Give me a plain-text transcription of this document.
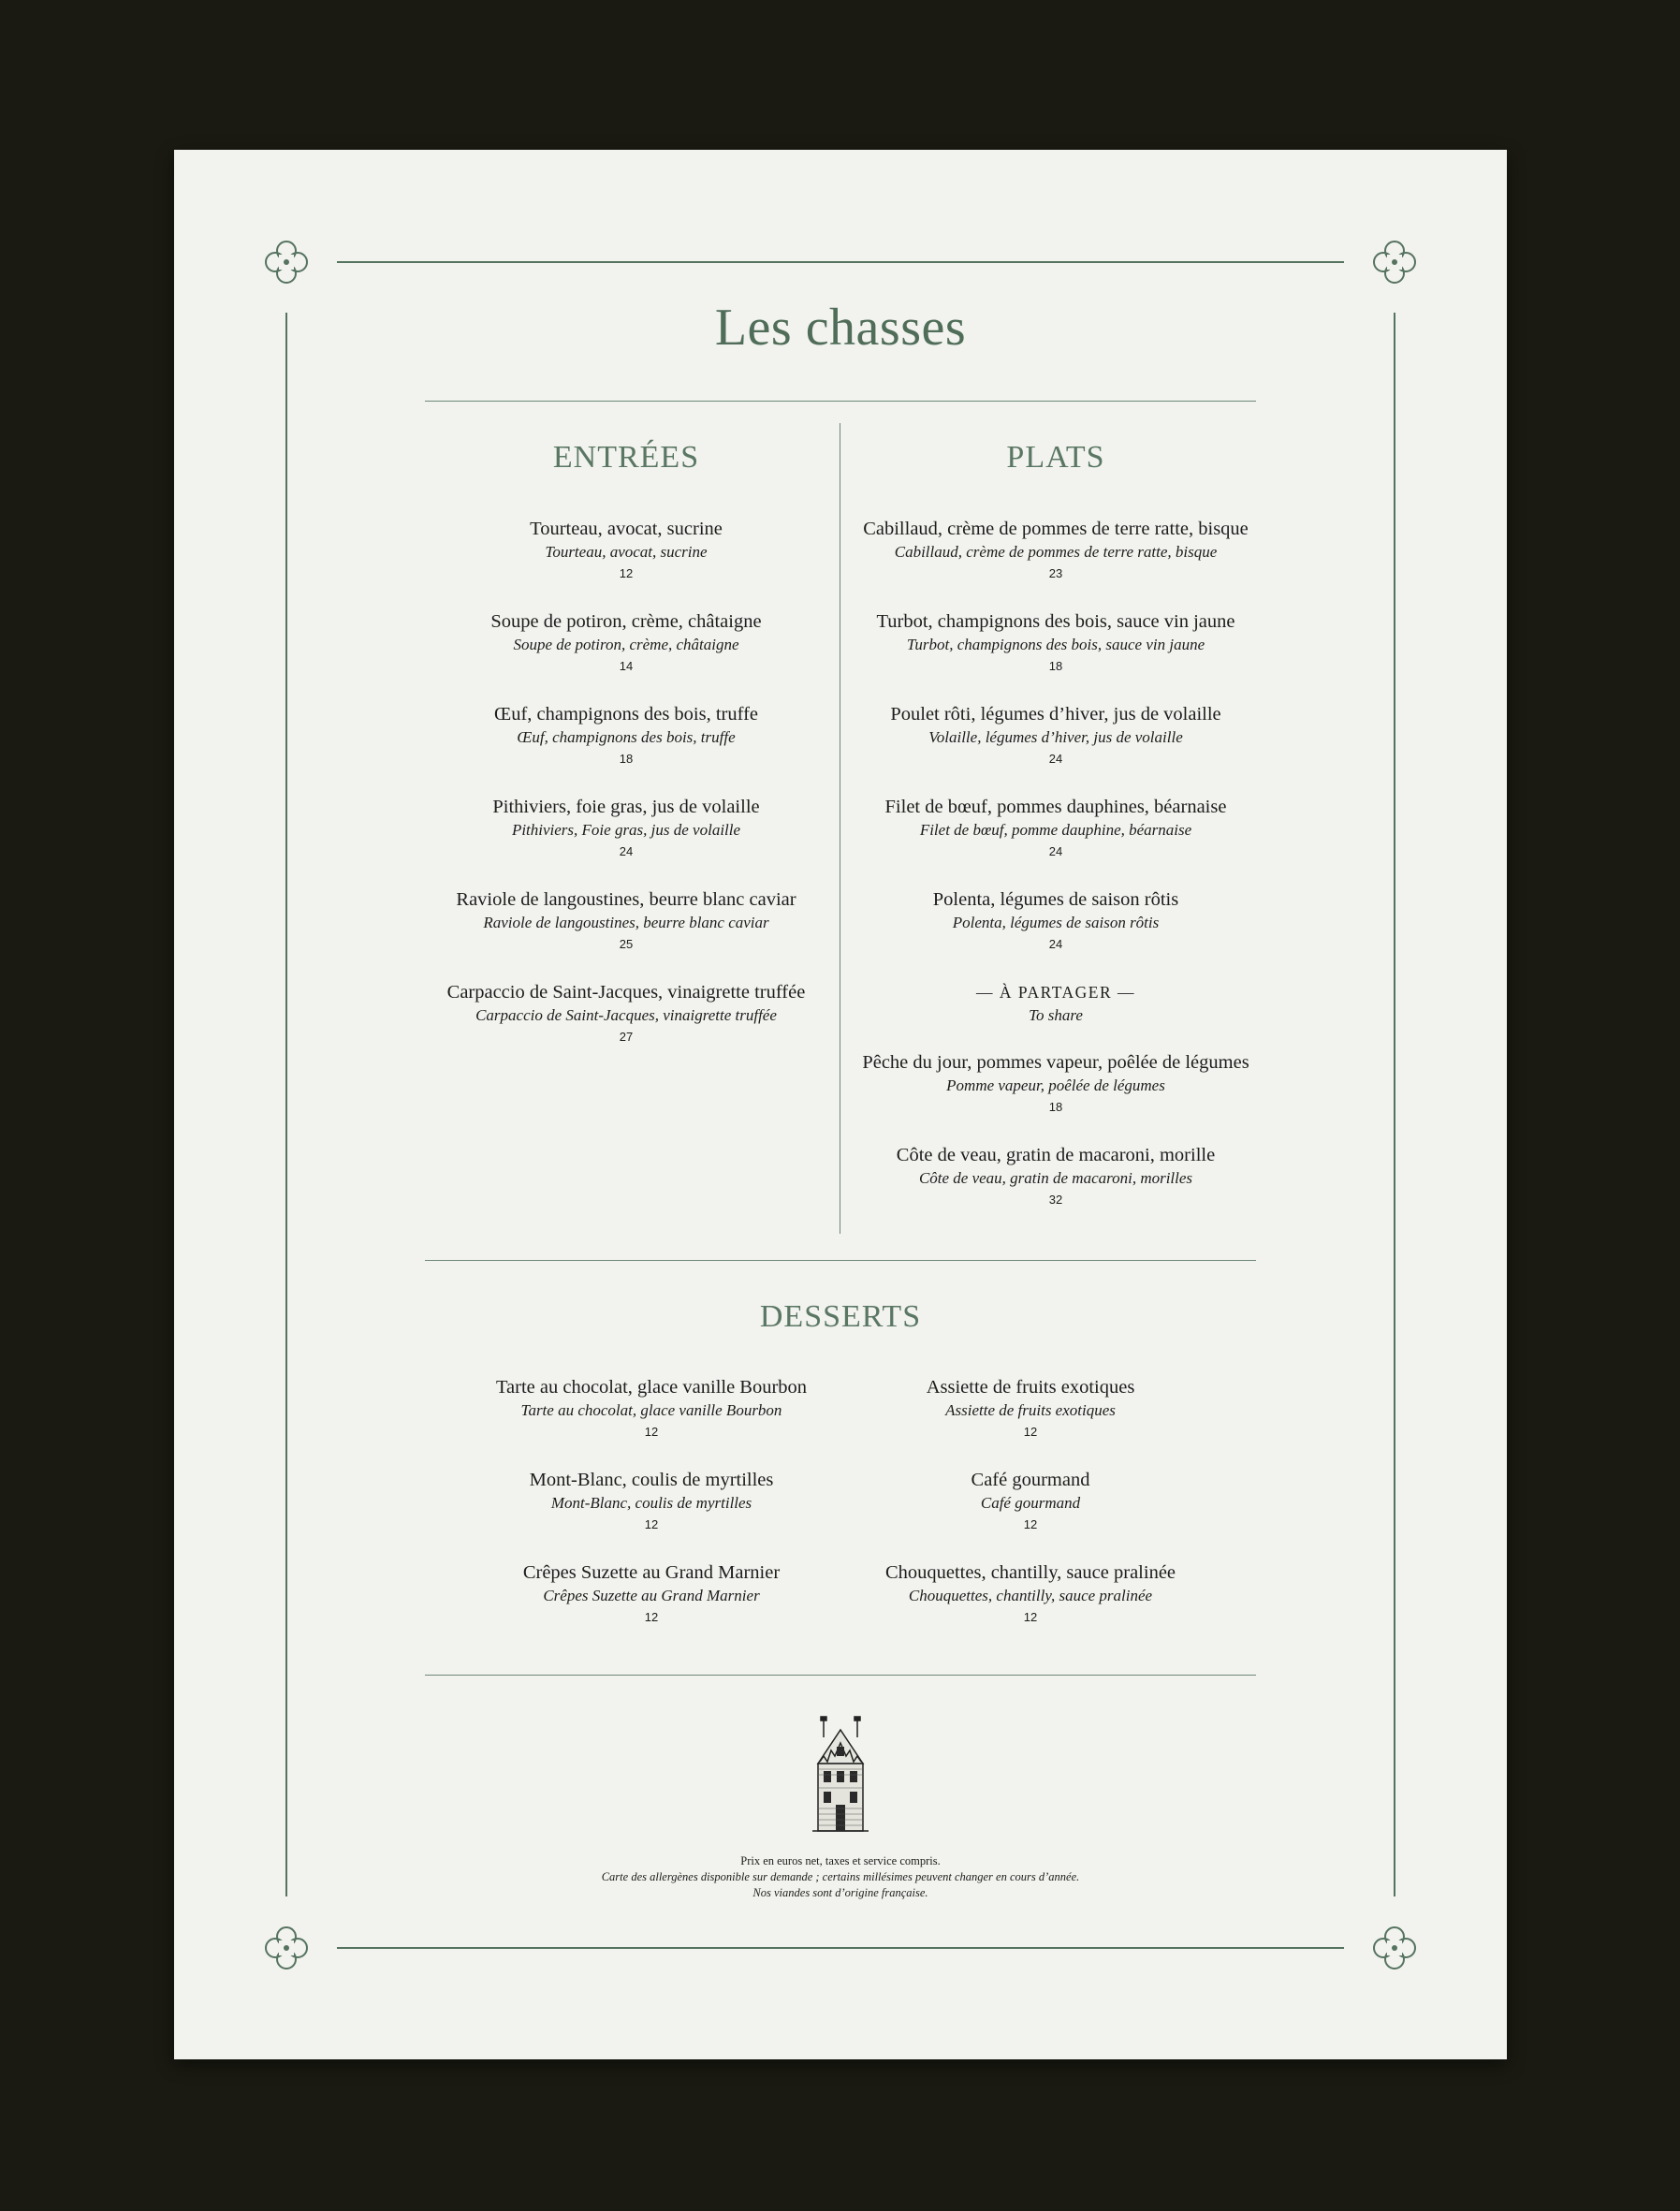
Les chasses
ENTRÉES
Tourteau, avocat, sucrine
Tourteau, avocat, sucrine
12
Soupe de potiron, crème, châtaigne
Soupe de potiron, crème, châtaigne
14
Œuf, champignons des bois, truffe
Œuf, champignons des bois, truffe
18
Pithiviers, foie gras, jus de volaille
Pithiviers, Foie gras, jus de volaille
24
Raviole de langoustines, beurre blanc caviar
Raviole de langoustines, beurre blanc caviar
25
Carpaccio de Saint-Jacques, vinaigrette truffée
Carpaccio de Saint-Jacques, vinaigrette truffée
27
PLATS
Cabillaud, crème de pommes de terre ratte, bisque
Cabillaud, crème de pommes de terre ratte, bisque
23
Turbot, champignons des bois, sauce vin jaune
Turbot, champignons des bois, sauce vin jaune
18
Poulet rôti, légumes d’hiver, jus de volaille
Volaille, légumes d’hiver, jus de volaille
24
Filet de bœuf, pommes dauphines, béarnaise
Filet de bœuf, pomme dauphine, béarnaise
24
Polenta, légumes de saison rôtis
Polenta, légumes de saison rôtis
24
— À PARTAGER —
To share
Pêche du jour, pommes vapeur, poêlée de légumes
Pomme vapeur, poêlée de légumes
18
Côte de veau, gratin de macaroni, morille
Côte de veau, gratin de macaroni, morilles
32
DESSERTS
Tarte au chocolat, glace vanille Bourbon
Tarte au chocolat, glace vanille Bourbon
12
Mont-Blanc, coulis de myrtilles
Mont-Blanc, coulis de myrtilles
12
Crêpes Suzette au Grand Marnier
Crêpes Suzette au Grand Marnier
12
Assiette de fruits exotiques
Assiette de fruits exotiques
12
Café gourmand
Café gourmand
12
Chouquettes, chantilly, sauce pralinée
Chouquettes, chantilly, sauce pralinée
12
Prix en euros net, taxes et service compris.
Carte des allergènes disponible sur demande ; certains millésimes peuvent changer en cours d’année.
Nos viandes sont d’origine française.
